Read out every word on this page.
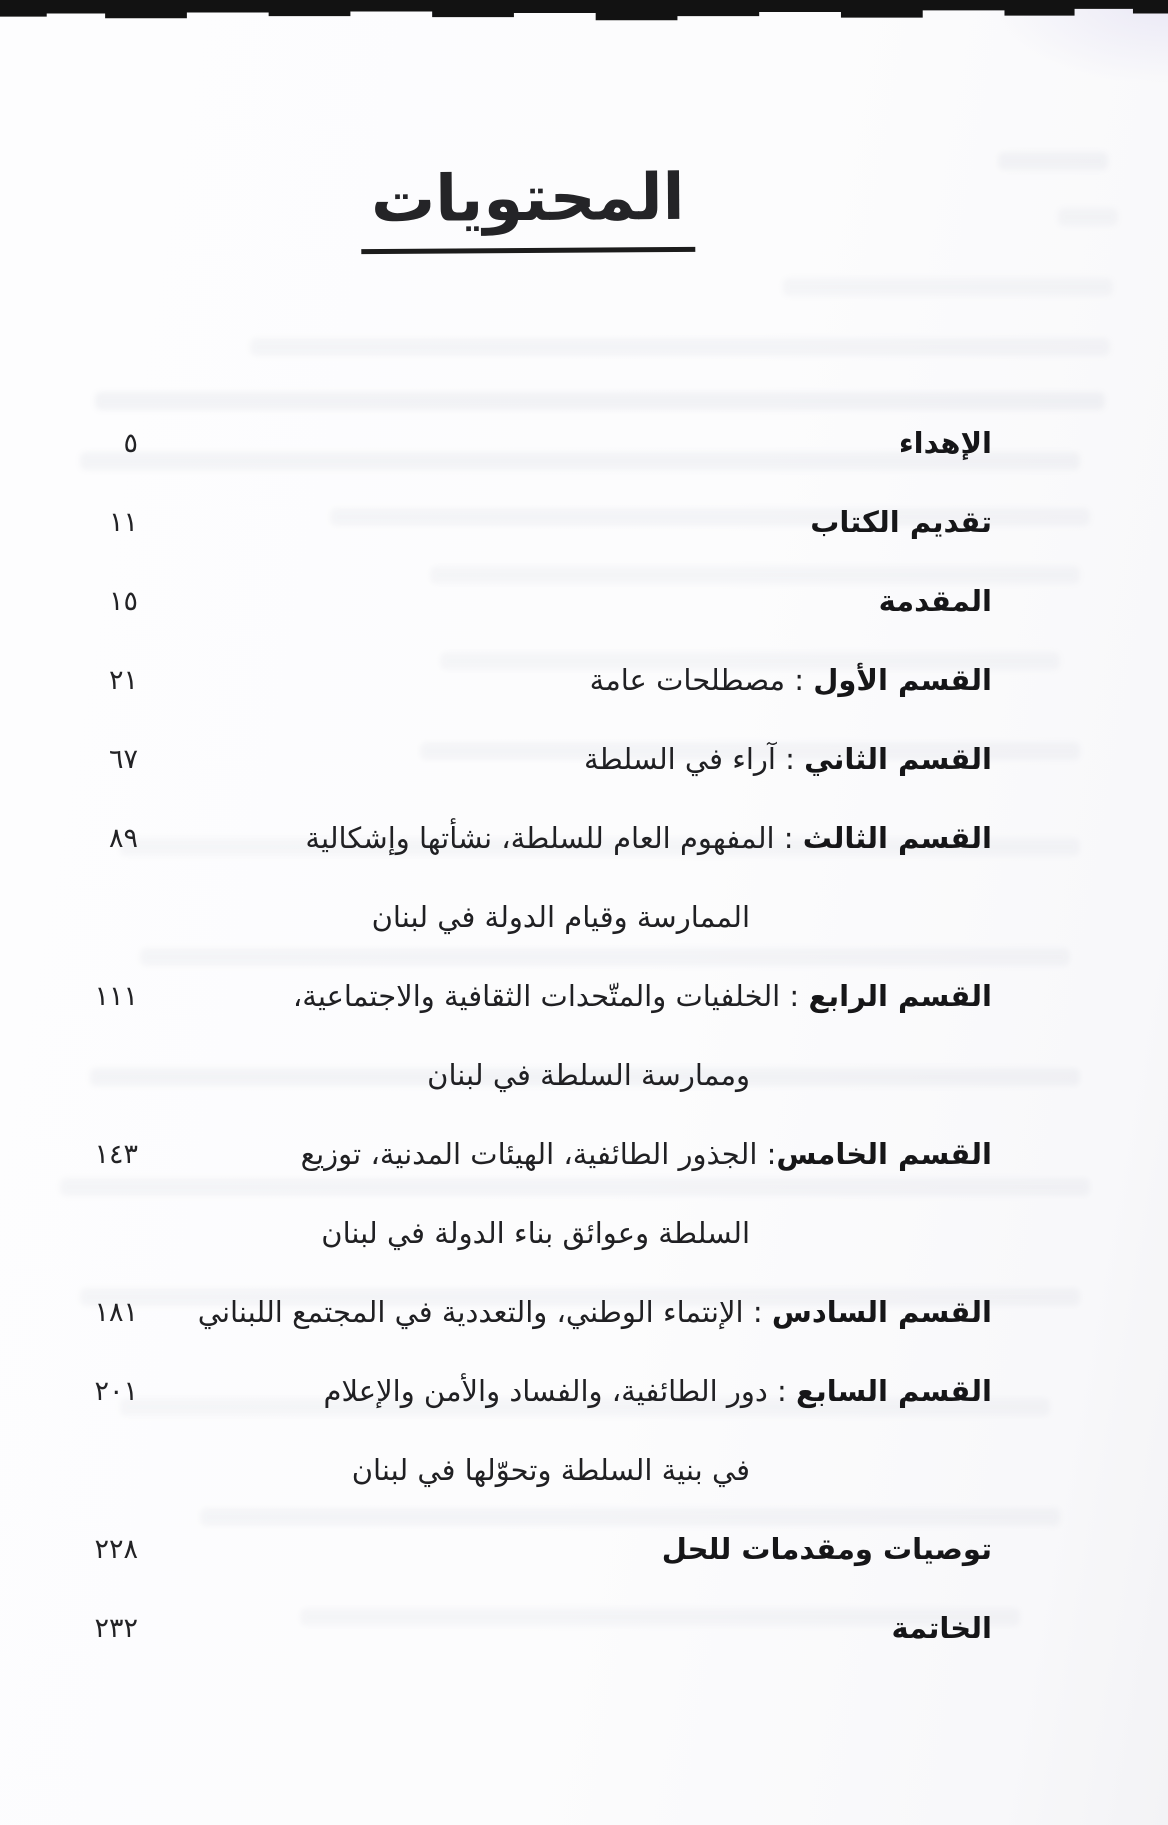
المحتويات
الإهداء
٥
تقديم الكتاب
١١
المقدمة
١٥
القسم الأول : مصطلحات عامة
٢١
القسم الثاني : آراء في السلطة
٦٧
القسم الثالث : المفهوم العام للسلطة، نشأتها وإشكالية
٨٩
الممارسة وقيام الدولة في لبنان
القسم الرابع : الخلفيات والمتّحدات الثقافية والاجتماعية،
١١١
وممارسة السلطة في لبنان
القسم الخامس: الجذور الطائفية، الهيئات المدنية، توزيع
١٤٣
السلطة وعوائق بناء الدولة في لبنان
القسم السادس : الإنتماء الوطني، والتعددية في المجتمع اللبناني
١٨١
القسم السابع : دور الطائفية، والفساد والأمن والإعلام
٢٠١
في بنية السلطة وتحوّلها في لبنان
توصيات ومقدمات للحل
٢٢٨
الخاتمة
٢٣٢
